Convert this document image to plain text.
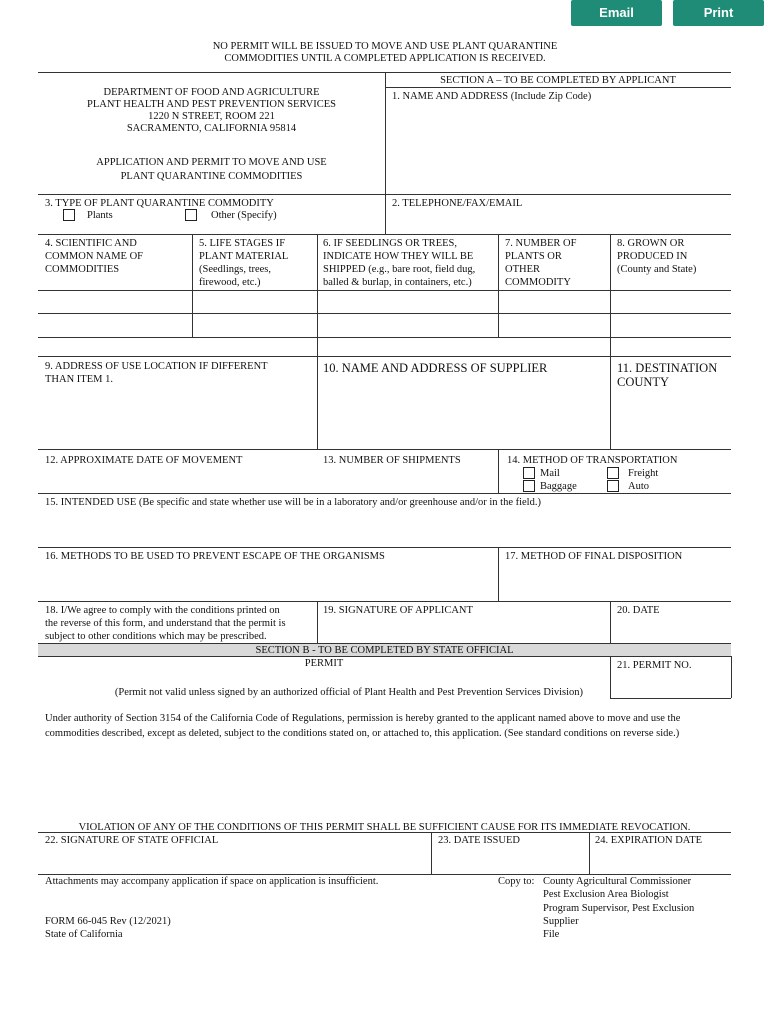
Email	Print
NO PERMIT WILL BE ISSUED TO MOVE AND USE PLANT QUARANTINE
COMMODITIES UNTIL A COMPLETED APPLICATION IS RECEIVED.
DEPARTMENT OF FOOD AND AGRICULTURE
PLANT HEALTH AND PEST PREVENTION SERVICES
1220 N STREET, ROOM 221
SACRAMENTO, CALIFORNIA 95814
APPLICATION AND PERMIT TO MOVE AND USE
PLANT QUARANTINE COMMODITIES
SECTION A – TO BE COMPLETED BY APPLICANT
1. NAME AND ADDRESS (Include Zip Code)
3. TYPE OF PLANT QUARANTINE COMMODITY
Plants	Other (Specify)
2. TELEPHONE/FAX/EMAIL
4. SCIENTIFIC AND
COMMON NAME OF
COMMODITIES
5. LIFE STAGES IF
PLANT MATERIAL
(Seedlings, trees,
firewood, etc.)
6. IF SEEDLINGS OR TREES,
INDICATE HOW THEY WILL BE
SHIPPED (e.g., bare root, field dug,
balled & burlap, in containers, etc.)
7. NUMBER OF
PLANTS OR
OTHER
COMMODITY
8. GROWN OR
PRODUCED IN
(County and State)
9. ADDRESS OF USE LOCATION IF DIFFERENT
THAN ITEM 1.
10. NAME AND ADDRESS OF SUPPLIER	11. DESTINATION
COUNTY
12. APPROXIMATE DATE OF MOVEMENT	13. NUMBER OF SHIPMENTS	14. METHOD OF TRANSPORTATION
Mail	Freight
Baggage	Auto
15. INTENDED USE (Be specific and state whether use will be in a laboratory and/or greenhouse and/or in the field.)
16. METHODS TO BE USED TO PREVENT ESCAPE OF THE ORGANISMS	17. METHOD OF FINAL DISPOSITION
18. I/We agree to comply with the conditions printed on
the reverse of this form, and understand that the permit is
subject to other conditions which may be prescribed.
19. SIGNATURE OF APPLICANT	20. DATE
SECTION B - TO BE COMPLETED BY STATE OFFICIAL
PERMIT	21. PERMIT NO.
(Permit not valid unless signed by an authorized official of Plant Health and Pest Prevention Services Division)
Under authority of Section 3154 of the California Code of Regulations, permission is hereby granted to the applicant named above to move and use the commodities described, except as deleted, subject to the conditions stated on, or attached to, this application. (See standard conditions on reverse side.)
VIOLATION OF ANY OF THE CONDITIONS OF THIS PERMIT SHALL BE SUFFICIENT CAUSE FOR ITS IMMEDIATE REVOCATION.
22. SIGNATURE OF STATE OFFICIAL	23. DATE ISSUED	24. EXPIRATION DATE
Attachments may accompany application if space on application is insufficient.	Copy to: County Agricultural Commissioner
Pest Exclusion Area Biologist
Program Supervisor, Pest Exclusion
Supplier
File
FORM 66-045 Rev (12/2021)
State of California
